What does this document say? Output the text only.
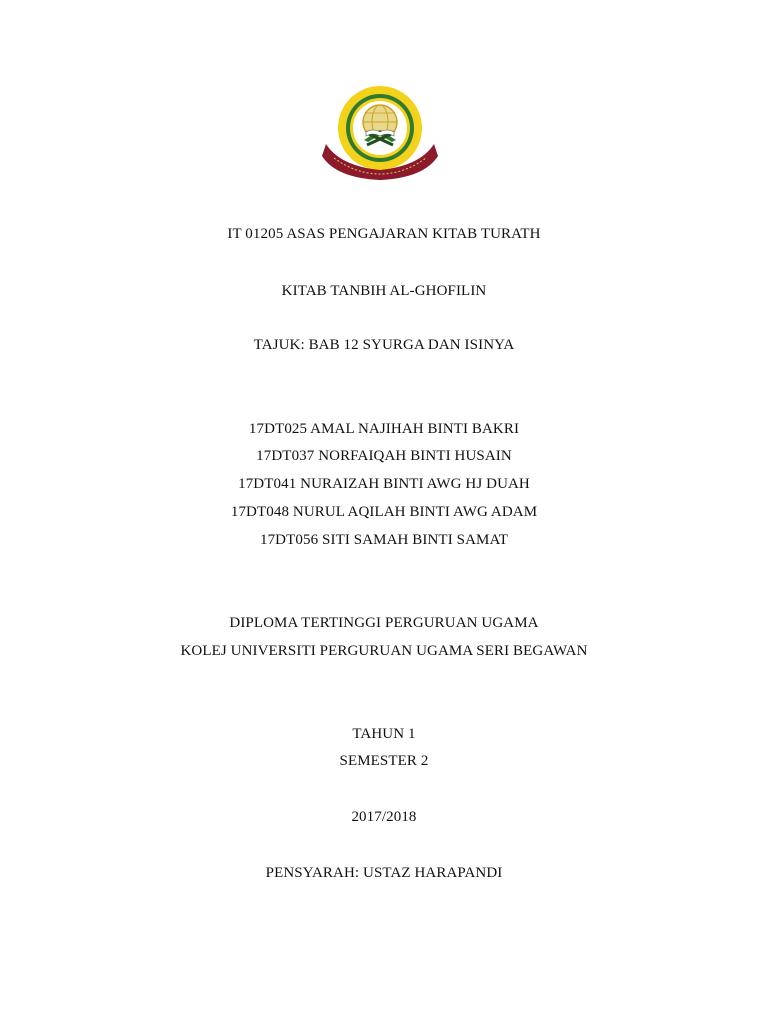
IT 01205 ASAS PENGAJARAN KITAB TURATH
KITAB TANBIH AL-GHOFILIN
TAJUK: BAB 12 SYURGA DAN ISINYA
17DT025 AMAL NAJIHAH BINTI BAKRI
17DT037 NORFAIQAH BINTI HUSAIN
17DT041 NURAIZAH BINTI AWG HJ DUAH
17DT048 NURUL AQILAH BINTI AWG ADAM
17DT056 SITI SAMAH BINTI SAMAT
DIPLOMA TERTINGGI PERGURUAN UGAMA
KOLEJ UNIVERSITI PERGURUAN UGAMA SERI BEGAWAN
TAHUN 1
SEMESTER 2
2017/2018
PENSYARAH: USTAZ HARAPANDI
